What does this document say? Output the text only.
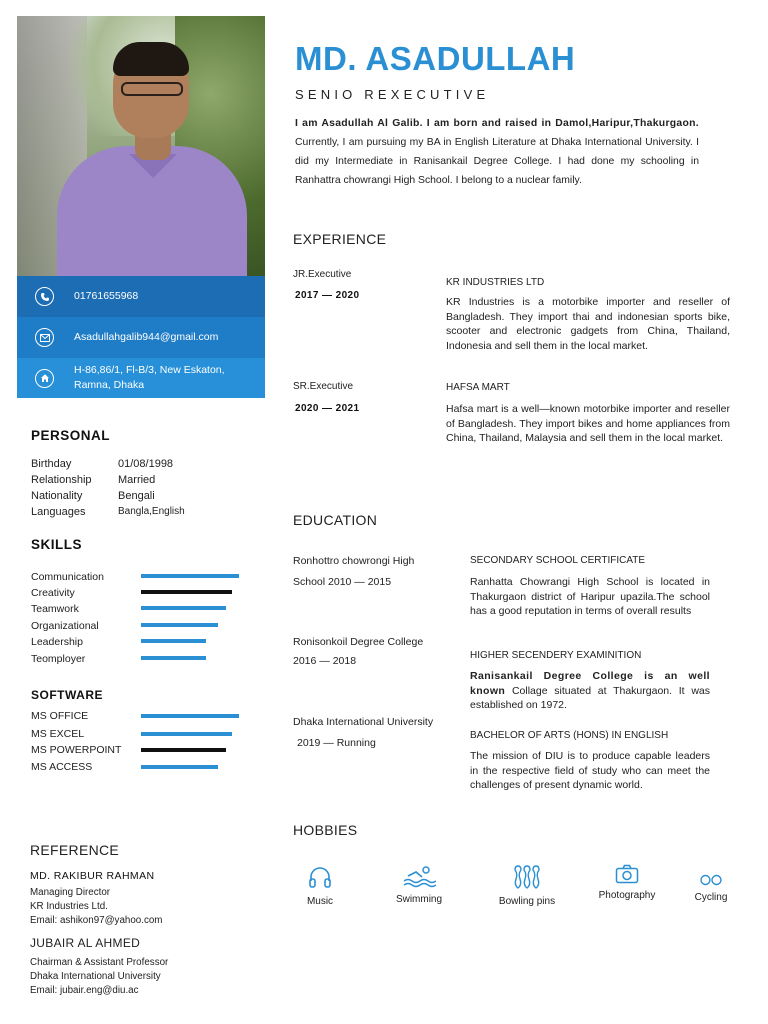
01761655968
Asadullahgalib944@gmail.com
H-86,86/1, Fl-B/3, New Eskaton,
Ramna, Dhaka
PERSONAL
SKILLS
SOFTWARE
REFERENCE
MD. RAKIBUR RAHMAN
Managing Director
KR Industries Ltd.
Email: ashikon97@yahoo.com
JUBAIR AL AHMED
Chairman & Assistant Professor
Dhaka International University
Email: jubair.eng@diu.ac
MD. ASADULLAH
SENIO REXECUTIVE
I am Asadullah Al Galib. I am born and raised in Damol,Haripur,Thakurgaon. Currently, I am pursuing my BA in English Literature at Dhaka International University. I did my Intermediate in Ranisankail Degree College. I had done my schooling in Ranhattra chowrangi High School. I belong to a nuclear family.
EXPERIENCE
JR.Executive
2017 — 2020
KR INDUSTRIES LTD
KR Industries is a motorbike importer and reseller of Bangladesh. They import thai and indonesian sports bike, scooter and electronic gadgets from China, Thailand, Indonesia and sell them in the local market.
SR.Executive
2020 — 2021
HAFSA MART
Hafsa mart is a well—known motorbike importer and reseller of Bangladesh. They import bikes and home appliances from China, Thailand, Malaysia and sell them in the local market.
EDUCATION
Ronhottro chowrongi High
School 2010 — 2015
SECONDARY SCHOOL CERTIFICATE
Ranhatta Chowrangi High School is located in Thakurgaon district of Haripur upazila.The school has a good reputation in terms of overall results
Ronisonkoil Degree College
2016 — 2018	HIGHER SECENDERY EXAMINITION
Ranisankail Degree College is an well known Collage situated at Thakurgaon. It was established on 1972.
Dhaka International University
2019 — Running
BACHELOR OF ARTS (HONS) IN ENGLISH
The mission of DIU is to produce capable leaders in the respective field of study who can meet the challenges of present dynamic world.
HOBBIES
Music	Swimming	Bowling pins
Photography	Cycling
Birthday	01/08/1998
Relationship Married
Nationality	Bengali
Languages	Bangla,English
Communication
Creativity
Teamwork
Organizational
Leadership
Teomployer
MS OFFICE
MS EXCEL
MS POWERPOINT
MS ACCESS
